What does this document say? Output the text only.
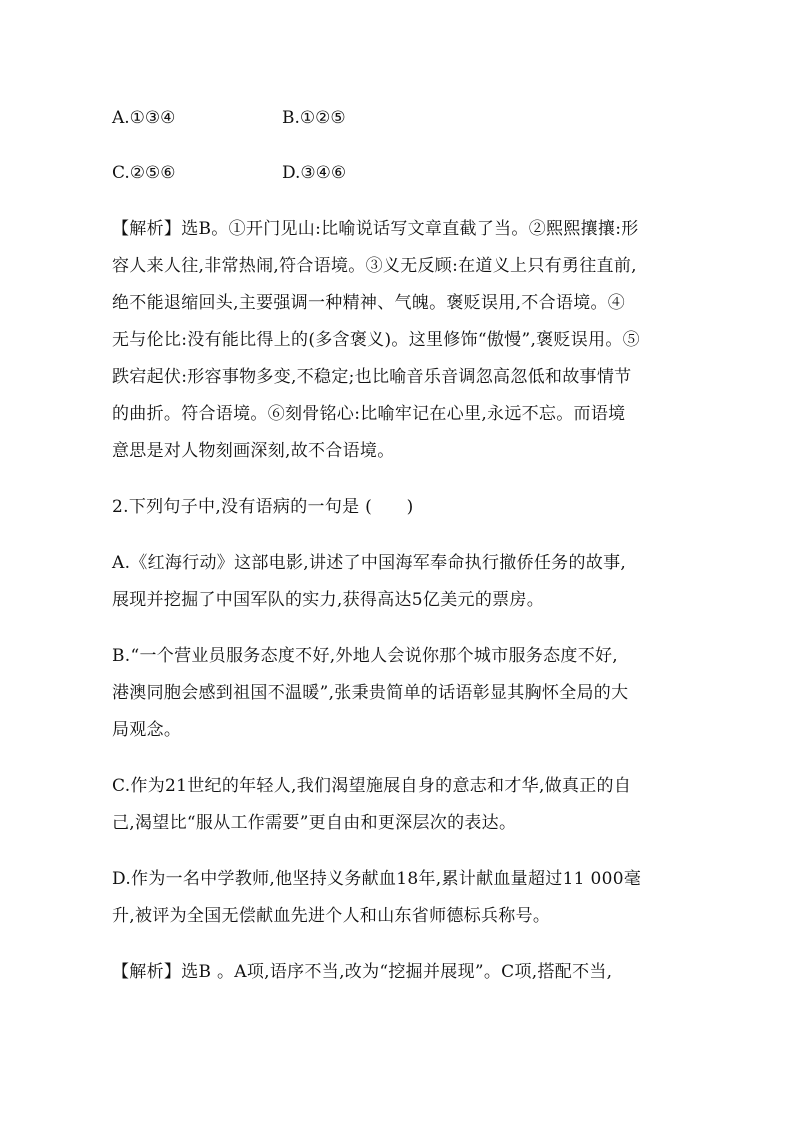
A.①③④	B.①②⑤
C.②⑤⑥	D.③④⑥
【解析】选B。①开门见山:比喻说话写文章直截了当。②熙熙攘攘:形
容人来人往,非常热闹,符合语境。③义无反顾:在道义上只有勇往直前,
绝不能退缩回头,主要强调一种精神、气魄。褒贬误用,不合语境。④
无与伦比:没有能比得上的(多含褒义)。这里修饰“傲慢”,褒贬误用。⑤
跌宕起伏:形容事物多变,不稳定;也比喻音乐音调忽高忽低和故事情节
的曲折。符合语境。⑥刻骨铭心:比喻牢记在心里,永远不忘。而语境
意思是对人物刻画深刻,故不合语境。
2.下列句子中,没有语病的一句是 (　　)
A.《红海行动》这部电影,讲述了中国海军奉命执行撤侨任务的故事,
展现并挖掘了中国军队的实力,获得高达5亿美元的票房。
B.“一个营业员服务态度不好,外地人会说你那个城市服务态度不好,
港澳同胞会感到祖国不温暖”,张秉贵简单的话语彰显其胸怀全局的大
局观念。
C.作为21世纪的年轻人,我们渴望施展自身的意志和才华,做真正的自
己,渴望比“服从工作需要”更自由和更深层次的表达。
D.作为一名中学教师,他坚持义务献血18年,累计献血量超过11 000毫
升,被评为全国无偿献血先进个人和山东省师德标兵称号。
【解析】选B 。A项,语序不当,改为“挖掘并展现”。C项,搭配不当,
